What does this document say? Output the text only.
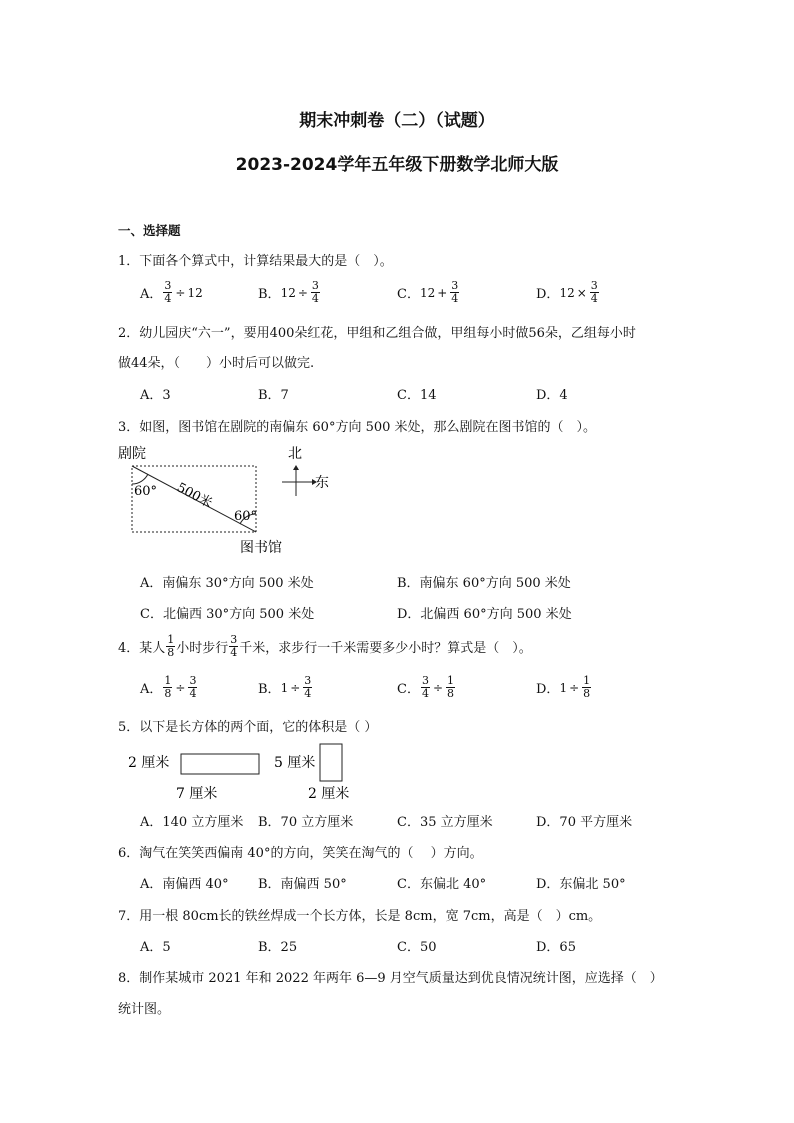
期末冲刺卷（二）（试题）
2023-2024学年五年级下册数学北师大版
一、选择题
1．下面各个算式中，计算结果最大的是（　）。
A． $\frac{3}{4} \div 12$	B． $12 \div \frac{3}{4}$	C． $12 + \frac{3}{4}$	D． $12 \times \frac{3}{4}$
2．幼儿园庆“六一”，要用400朵红花，甲组和乙组合做，甲组每小时做56朵，乙组每小时
做44朵，（　　）小时后可以做完.
A．3	B．7	C．14	D．4
3．如图，图书馆在剧院的南偏东 60°方向 500 米处，那么剧院在图书馆的（　）。
剧院
60°
60°
500米
图书馆
北
东
A．南偏东 30°方向 500 米处	B．南偏东 60°方向 500 米处
C．北偏西 30°方向 500 米处	D．北偏西 60°方向 500 米处
4．某人 $\frac{1}{8}$ 小时步行 $\frac{3}{4}$ 千米，求步行一千米需要多少小时？算式是（　）。
A． $\frac{1}{8} \div \frac{3}{4}$	B． $1 \div \frac{3}{4}$	C． $\frac{3}{4} \div \frac{1}{8}$	D． $1 \div \frac{1}{8}$
5．以下是长方体的两个面，它的体积是（ ）
2 厘米
7 厘米
5 厘米
2 厘米
A．140 立方厘米 B．70 立方厘米	C．35 立方厘米	D．70 平方厘米
6．淘气在笑笑西偏南 40°的方向，笑笑在淘气的（　 ）方向。
A．南偏西 40° B．南偏西 50°	C．东偏北 40°	D．东偏北 50°
7．用一根 80cm长的铁丝焊成一个长方体，长是 8cm，宽 7cm，高是（　）cm。
A．5	B．25	C．50	D．65
8．制作某城市 2021 年和 2022 年两年 6—9 月空气质量达到优良情况统计图，应选择（　）
统计图。
